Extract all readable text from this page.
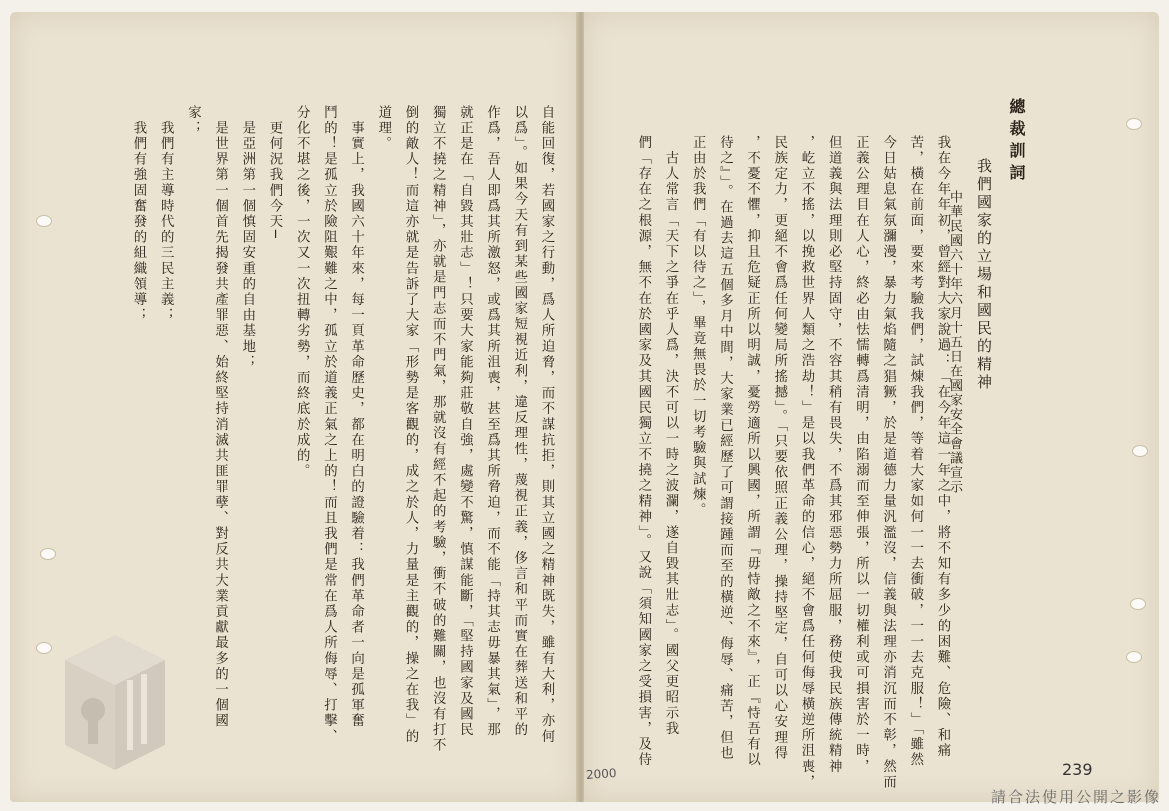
總裁訓詞
我們國家的立場和國民的精神
中華民國六十年六月十五日在國家安全會議宣示
我在今年年初，曾經對大家說過：「在今年這一年之中，將不知有多少的困難、危險、和痛
苦，橫在前面，要來考驗我們，試煉我們，等着大家如何一一去衝破，一一去克服！」「雖然
今日姑息氣氛瀰漫，暴力氣焰隨之猖獗，於是道德力量汎濫沒，信義與法理亦消沉而不彰，然而
正義公理目在人心，終必由怯懦轉爲清明，由陷溺而至伸張，所以一切權利或可損害於一時，
但道義與法理則必堅持固守，不容其稍有畏失，不爲其邪惡勢力所屈服，務使我民族傳統精神
，屹立不搖，以挽救世界人類之浩劫！」是以我們革命的信心，絕不會爲任何侮辱橫逆所沮喪，
民族定力，更絕不會爲任何變局所搖撼」。「只要依照正義公理，操持堅定，自可以心安理得
，不憂不懼，抑且危疑正所以明誠，憂勞適所以興國，所謂『毋恃敵之不來』，正『恃吾有以
待之』」。在過去這五個多月中間，大家業已經歷了可謂接踵而至的橫逆、侮辱、痛苦，但也
正由於我們「有以待之」，畢竟無畏於一切考驗與試煉。
　古人常言「天下之爭在乎人爲，決不可以一時之波瀾，遂自毀其壯志」。國父更昭示我
們「存在之根源，無不在於國家及其國民獨立不撓之精神」。又說「須知國家之受損害，及侍
自能回復，若國家之行動，爲人所迫脅，而不謀抗拒，則其立國之精神既失，雖有大利，亦何
以爲」。如果今天有到某些國家短視近利，違反理性，蔑視正義，侈言和平而實在葬送和平的
作爲，吾人即爲其所激怒，或爲其所沮喪，甚至爲其所脅迫，而不能「持其志毋暴其氣」，那
就正是在「自毀其壯志」！只要大家能夠莊敬自強，處變不驚，慎謀能斷，「堅持國家及國民
獨立不撓之精神」，亦就是門志而不門氣，那就沒有經不起的考驗，衝不破的難關，也沒有打不
倒的敵人！而這亦就是告訴了大家「形勢是客觀的，成之於人，力量是主觀的，操之在我」的
道理。
　事實上，我國六十年來，每一頁革命歷史，都在明白的證驗着：我們革命者一向是孤軍奮
鬥的！是孤立於險阻艱難之中，孤立於道義正氣之上的！而且我們是常在爲人所侮辱、打擊、
分化不堪之後，一次又一次扭轉劣勢，而終底於成的。
　更何況我們今天─
　是亞洲第一個慎固安重的自由基地；
　是世界第一個首先揭發共產罪惡、始終堅持消滅共匪罪孽、對反共大業貢獻最多的一個國
家；
　我們有主導時代的三民主義；
　我們有強固奮發的組織領導；
239
2000
請合法使用公開之影像
